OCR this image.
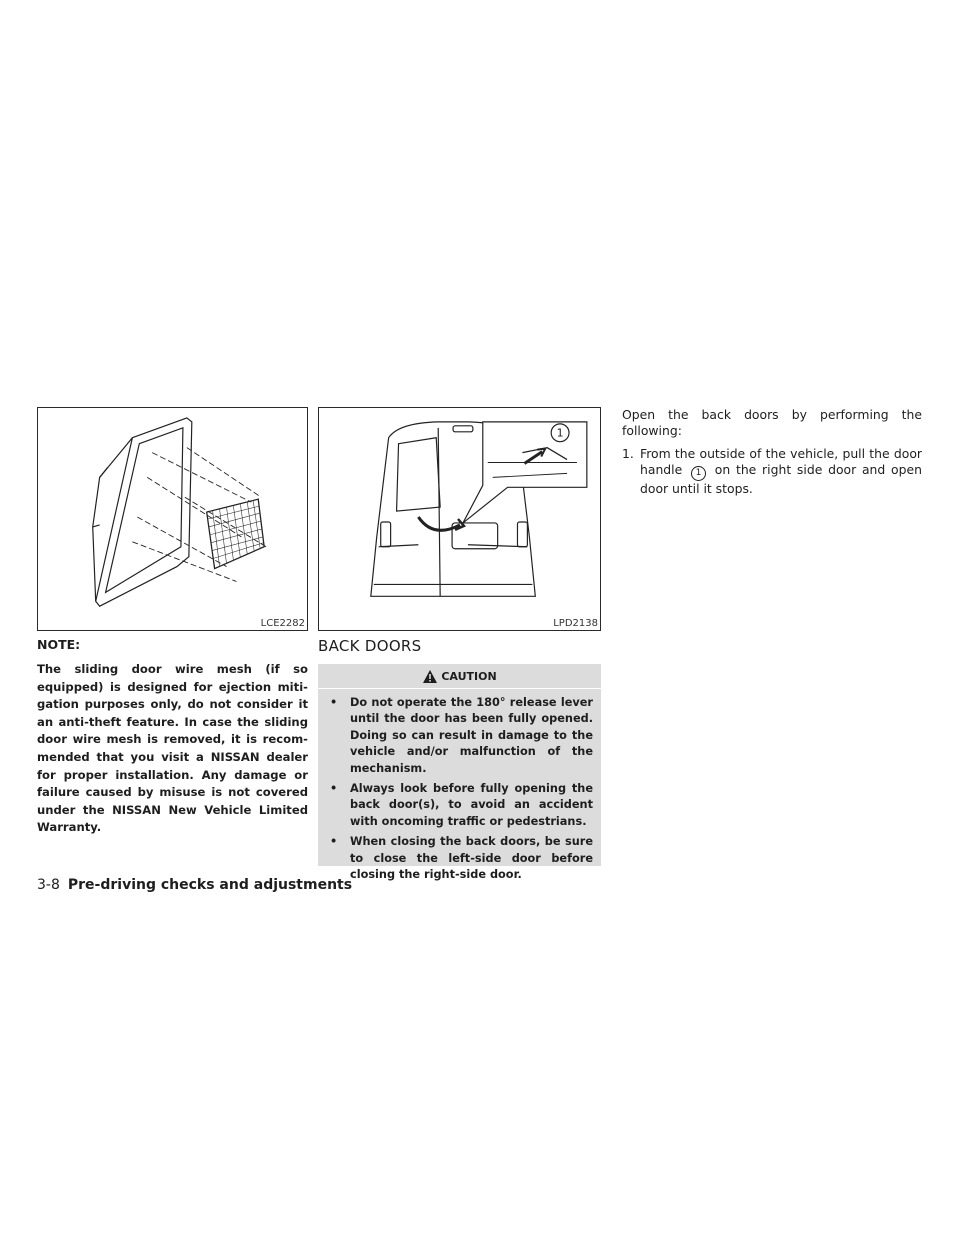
LCE2282
1
LPD2138
NOTE:
The sliding door wire mesh (if so equipped) is designed for ejection miti-gation purposes only, do not consider it an anti-theft feature. In case the sliding door wire mesh is removed, it is recom-mended that you visit a NISSAN dealer for proper installation. Any damage or failure caused by misuse is not covered under the NISSAN New Vehicle Limited Warranty.
BACK DOORS
CAUTION
• Do not operate the 180° release lever until the door has been fully opened. Doing so can result in damage to the vehicle and/or malfunction of the mechanism.
• Always look before fully opening the back door(s), to avoid an accident with oncoming traffic or pedestrians.
• When closing the back doors, be sure to close the left-side door before closing the right-side door.

Open the back doors by performing the following:

1. From the outside of the vehicle, pull the door handle 1 on the right side door and open door until it stops.
3-8 Pre-driving checks and adjustments
